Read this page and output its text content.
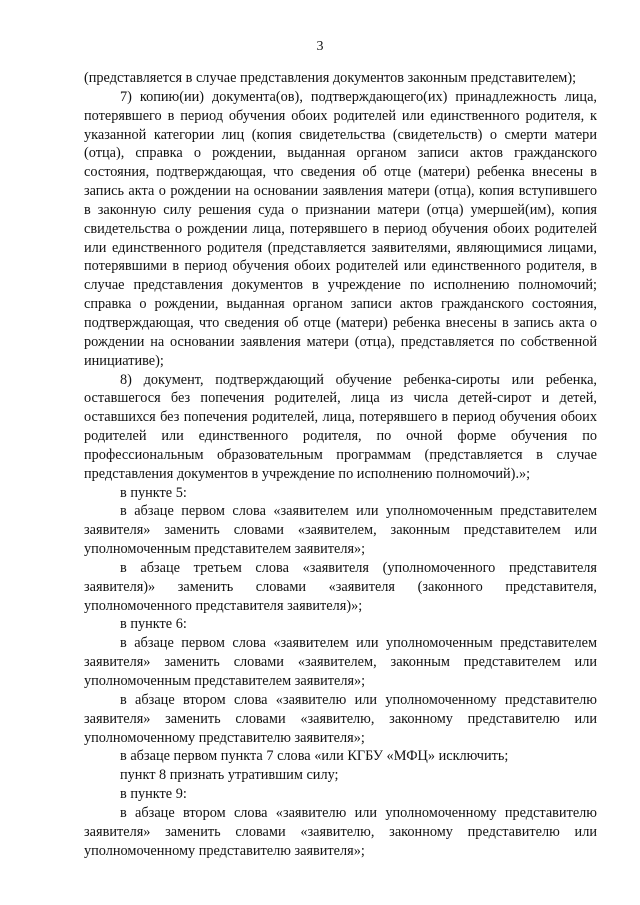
3

(представляется в случае представления документов законным представителем);

7) копию(ии) документа(ов), подтверждающего(их) принадлежность лица, потерявшего в период обучения обоих родителей или единственного родителя, к указанной категории лиц (копия свидетельства (свидетельств) о смерти матери (отца), справка о рождении, выданная органом записи актов гражданского состояния, подтверждающая, что сведения об отце (матери) ребенка внесены в запись акта о рождении на основании заявления матери (отца), копия вступившего в законную силу решения суда о признании матери (отца) умершей(им), копия свидетельства о рождении лица, потерявшего в период обучения обоих родителей или единственного родителя (представляется заявителями, являющимися лицами, потерявшими в период обучения обоих родителей или единственного родителя, в случае представления документов в учреждение по исполнению полномочий; справка о рождении, выданная органом записи актов гражданского состояния, подтверждающая, что сведения об отце (матери) ребенка внесены в запись акта о рождении на основании заявления матери (отца), представляется по собственной инициативе);

8) документ, подтверждающий обучение ребенка-сироты или ребенка, оставшегося без попечения родителей, лица из числа детей-сирот и детей, оставшихся без попечения родителей, лица, потерявшего в период обучения обоих родителей или единственного родителя, по очной форме обучения по профессиональным образовательным программам (представляется в случае представления документов в учреждение по исполнению полномочий).»;

в пункте 5:

в абзаце первом слова «заявителем или уполномоченным представителем заявителя» заменить словами «заявителем, законным представителем или уполномоченным представителем заявителя»;

в абзаце третьем слова «заявителя (уполномоченного представителя заявителя)» заменить словами «заявителя (законного представителя, уполномоченного представителя заявителя)»;

в пункте 6:

в абзаце первом слова «заявителем или уполномоченным представителем заявителя» заменить словами «заявителем, законным представителем или уполномоченным представителем заявителя»;

в абзаце втором слова «заявителю или уполномоченному представителю заявителя» заменить словами «заявителю, законному представителю или уполномоченному представителю заявителя»;

в абзаце первом пункта 7 слова «или КГБУ «МФЦ» исключить;

пункт 8 признать утратившим силу;

в пункте 9:

в абзаце втором слова «заявителю или уполномоченному представителю заявителя» заменить словами «заявителю, законному представителю или уполномоченному представителю заявителя»;
